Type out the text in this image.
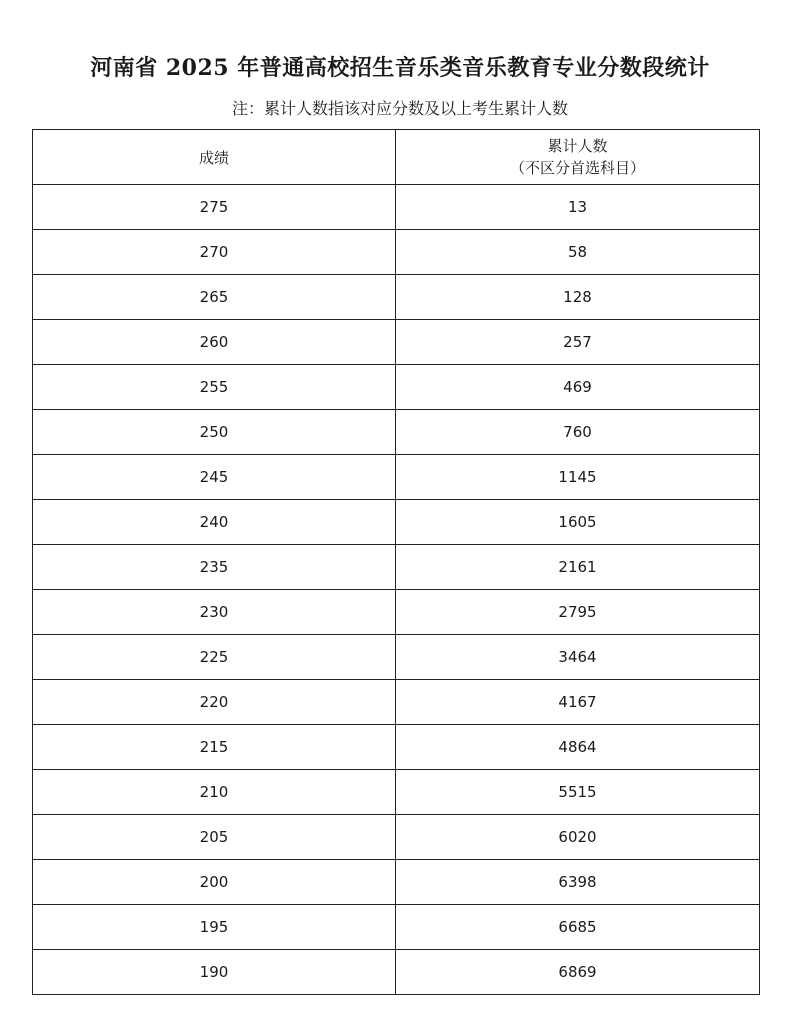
河南省 2025 年普通高校招生音乐类音乐教育专业分数段统计
注：累计人数指该对应分数及以上考生累计人数
成绩	累计人数
（不区分首选科目）

275	13
270	58
265	128
260	257
255	469
250	760
245	1145
240	1605
235	2161
230	2795
225	3464
220	4167
215	4864
210	5515
205	6020
200	6398
195	6685
190	6869
